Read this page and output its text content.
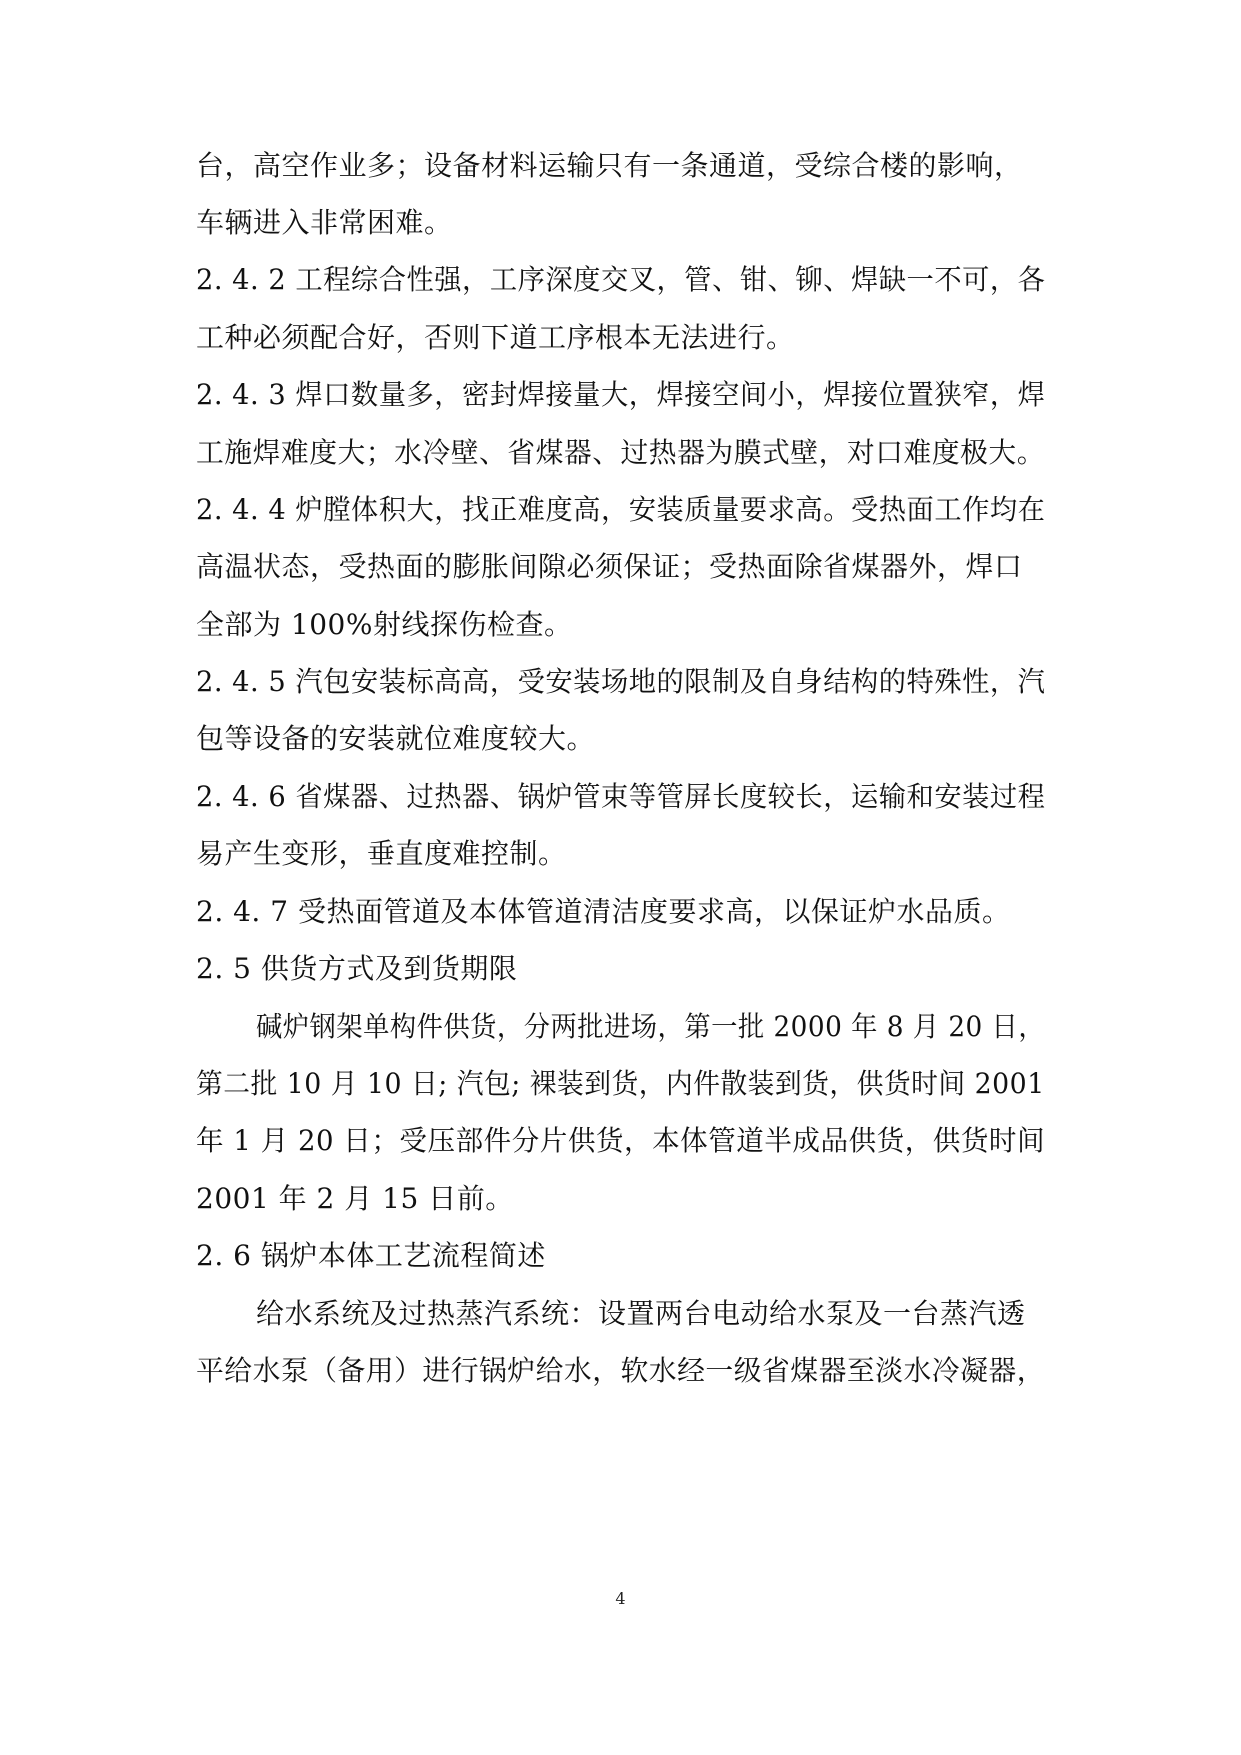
台，高空作业多；设备材料运输只有一条通道，受综合楼的影响，
车辆进入非常困难。
2. 4. 2 工程综合性强，工序深度交叉，管、钳、铆、焊缺一不可，各
工种必须配合好，否则下道工序根本无法进行。
2. 4. 3 焊口数量多，密封焊接量大，焊接空间小，焊接位置狭窄，焊
工施焊难度大；水冷壁、省煤器、过热器为膜式壁，对口难度极大。
2. 4. 4 炉膛体积大，找正难度高，安装质量要求高。受热面工作均在
高温状态，受热面的膨胀间隙必须保证；受热面除省煤器外，焊口
全部为 100%射线探伤检查。
2. 4. 5 汽包安装标高高，受安装场地的限制及自身结构的特殊性，汽
包等设备的安装就位难度较大。
2. 4. 6 省煤器、过热器、锅炉管束等管屏长度较长，运输和安装过程
易产生变形，垂直度难控制。
2. 4. 7 受热面管道及本体管道清洁度要求高，以保证炉水品质。
2. 5 供货方式及到货期限
碱炉钢架单构件供货，分两批进场，第一批 2000 年 8 月 20 日，
第二批 10 月 10 日; 汽包; 裸装到货，内件散装到货，供货时间 2001
年 1 月 20 日；受压部件分片供货，本体管道半成品供货，供货时间
2001 年 2 月 15 日前。
2. 6 锅炉本体工艺流程简述
给水系统及过热蒸汽系统：设置两台电动给水泵及一台蒸汽透
平给水泵（备用）进行锅炉给水，软水经一级省煤器至淡水冷凝器，
4
